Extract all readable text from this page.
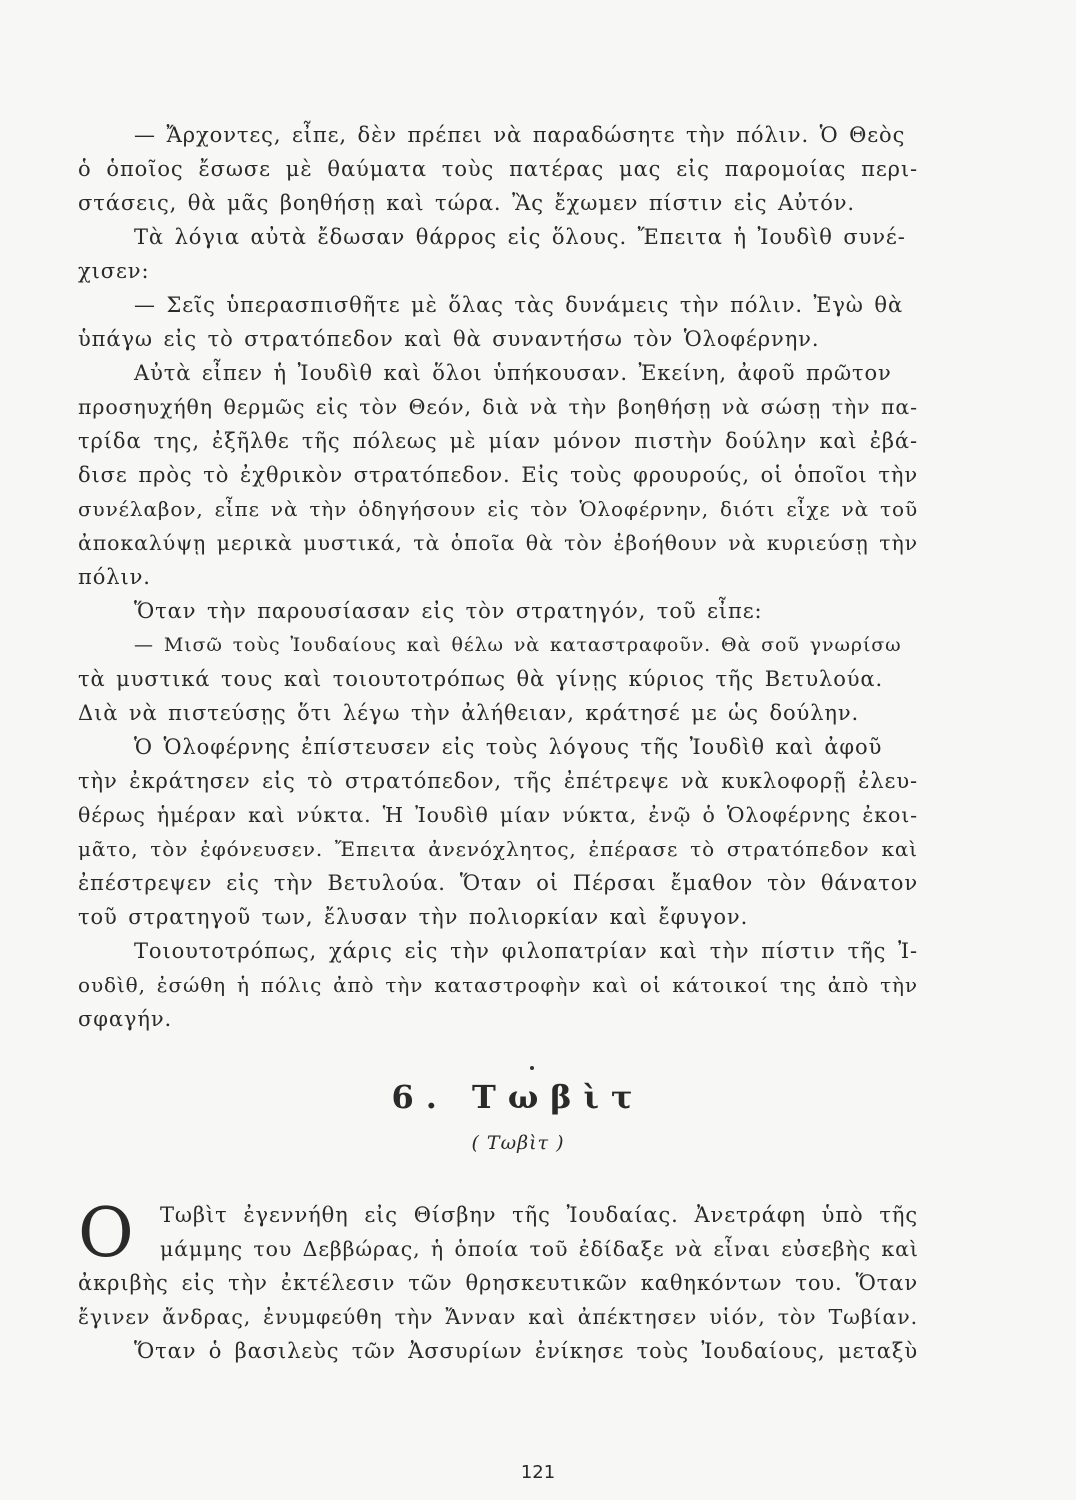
— Ἄρχοντες, εἶπε, δὲν πρέπει νὰ παραδώσητε τὴν πόλιν. Ὁ Θεὸς
ὁ ὁποῖος ἔσωσε μὲ θαύματα τοὺς πατέρας μας εἰς παρομοίας περι-
στάσεις, θὰ μᾶς βοηθήσῃ καὶ τώρα. Ἂς ἔχωμεν πίστιν εἰς Αὐτόν.
Τὰ λόγια αὐτὰ ἔδωσαν θάρρος εἰς ὅλους. Ἔπειτα ἡ Ἰουδὶθ συνέ-
χισεν:
— Σεῖς ὑπερασπισθῆτε μὲ ὅλας τὰς δυνάμεις τὴν πόλιν. Ἐγὼ θὰ
ὑπάγω εἰς τὸ στρατόπεδον καὶ θὰ συναντήσω τὸν Ὁλοφέρνην.
Αὐτὰ εἶπεν ἡ Ἰουδὶθ καὶ ὅλοι ὑπήκουσαν. Ἐκείνη, ἀφοῦ πρῶτον
προσηυχήθη θερμῶς εἰς τὸν Θεόν, διὰ νὰ τὴν βοηθήσῃ νὰ σώσῃ τὴν πα-
τρίδα της, ἐξῆλθε τῆς πόλεως μὲ μίαν μόνον πιστὴν δούλην καὶ ἐβά-
δισε πρὸς τὸ ἐχθρικὸν στρατόπεδον. Εἰς τοὺς φρουρούς, οἱ ὁποῖοι τὴν
συνέλαβον, εἶπε νὰ τὴν ὁδηγήσουν εἰς τὸν Ὁλοφέρνην, διότι εἶχε νὰ τοῦ
ἀποκαλύψῃ μερικὰ μυστικά, τὰ ὁποῖα θὰ τὸν ἐβοήθουν νὰ κυριεύσῃ τὴν
πόλιν.
Ὅταν τὴν παρουσίασαν εἰς τὸν στρατηγόν, τοῦ εἶπε:
— Μισῶ τοὺς Ἰουδαίους καὶ θέλω νὰ καταστραφοῦν. Θὰ σοῦ γνωρίσω
τὰ μυστικά τους καὶ τοιουτοτρόπως θὰ γίνῃς κύριος τῆς Βετυλούα.
Διὰ νὰ πιστεύσῃς ὅτι λέγω τὴν ἀλήθειαν, κράτησέ με ὡς δούλην.
Ὁ Ὁλοφέρνης ἐπίστευσεν εἰς τοὺς λόγους τῆς Ἰουδὶθ καὶ ἀφοῦ
τὴν ἐκράτησεν εἰς τὸ στρατόπεδον, τῆς ἐπέτρεψε νὰ κυκλοφορῇ ἐλευ-
θέρως ἡμέραν καὶ νύκτα. Ἡ Ἰουδὶθ μίαν νύκτα, ἐνῷ ὁ Ὁλοφέρνης ἐκοι-
μᾶτο, τὸν ἐφόνευσεν. Ἔπειτα ἀνενόχλητος, ἐπέρασε τὸ στρατόπεδον καὶ
ἐπέστρεψεν εἰς τὴν Βετυλούα. Ὅταν οἱ Πέρσαι ἔμαθον τὸν θάνατον
τοῦ στρατηγοῦ των, ἔλυσαν τὴν πολιορκίαν καὶ ἔφυγον.
Τοιουτοτρόπως, χάρις εἰς τὴν φιλοπατρίαν καὶ τὴν πίστιν τῆς Ἰ-
ουδὶθ, ἐσώθη ἡ πόλις ἀπὸ τὴν καταστροφὴν καὶ οἱ κάτοικοί της ἀπὸ τὴν
σφαγήν.
6. Τωβὶτ
( Τωβὶτ )
Ο	Τωβὶτ ἐγεννήθη εἰς Θίσβην τῆς Ἰουδαίας. Ἀνετράφη ὑπὸ τῆς
μάμμης του Δεββώρας, ἡ ὁποία τοῦ ἐδίδαξε νὰ εἶναι εὐσεβὴς καὶ
ἀκριβὴς εἰς τὴν ἐκτέλεσιν τῶν θρησκευτικῶν καθηκόντων του. Ὅταν
ἔγινεν ἄνδρας, ἐνυμφεύθη τὴν Ἄνναν καὶ ἀπέκτησεν υἱόν, τὸν Τωβίαν.
Ὅταν ὁ βασιλεὺς τῶν Ἀσσυρίων ἐνίκησε τοὺς Ἰουδαίους, μεταξὺ
121
